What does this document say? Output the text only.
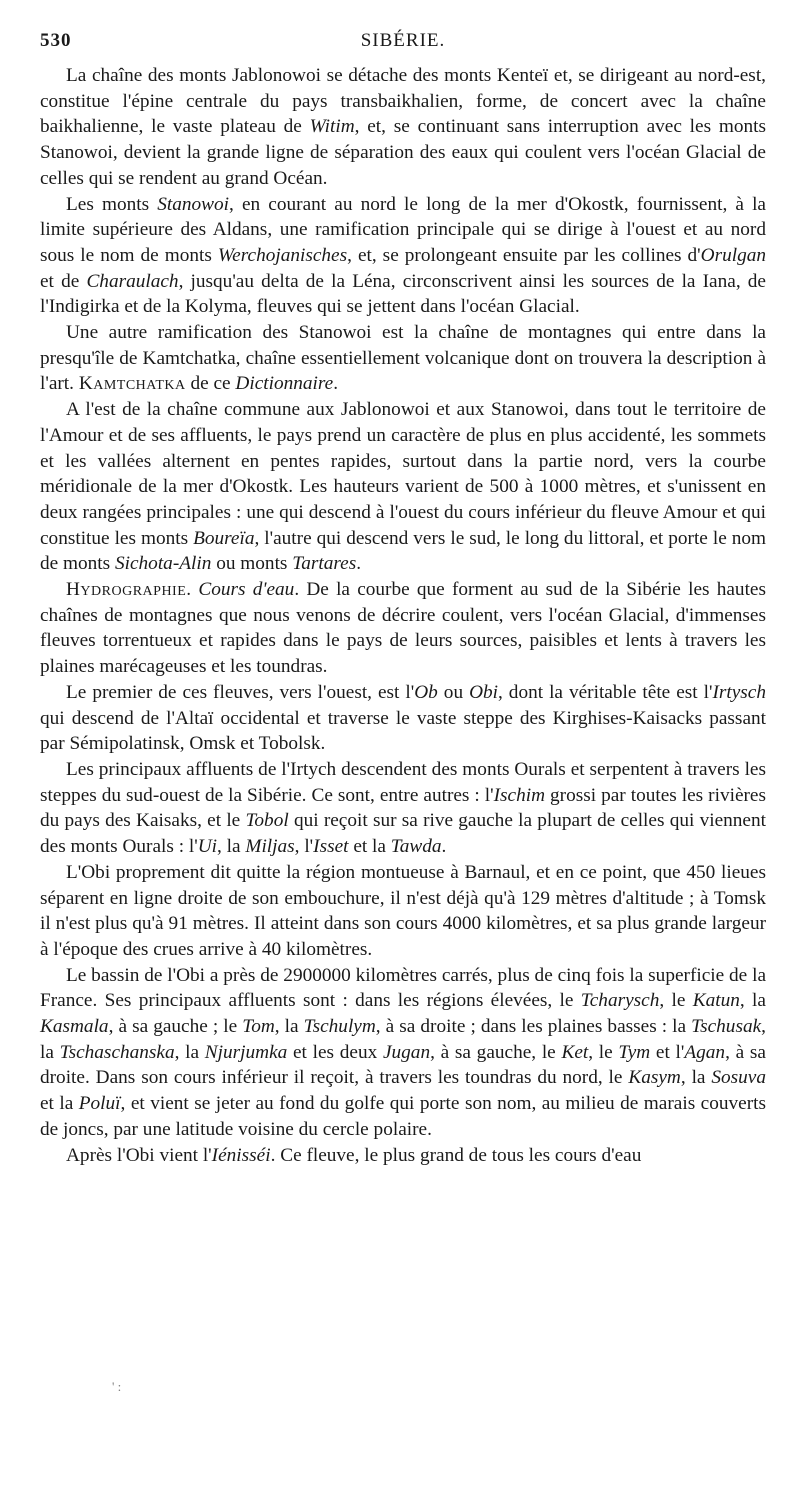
530	SIBÉRIE.

La chaîne des monts Jablonowoi se détache des monts Kenteï et, se dirigeant au nord-est, constitue l'épine centrale du pays transbaikhalien, forme, de concert avec la chaîne baikhalienne, le vaste plateau de Witim, et, se continuant sans interruption avec les monts Stanowoi, devient la grande ligne de séparation des eaux qui coulent vers l'océan Glacial de celles qui se rendent au grand Océan.

Les monts Stanowoi, en courant au nord le long de la mer d'Okostk, fournissent, à la limite supérieure des Aldans, une ramification principale qui se dirige à l'ouest et au nord sous le nom de monts Werchojanisches, et, se prolongeant ensuite par les collines d'Orulgan et de Charaulach, jusqu'au delta de la Léna, circonscrivent ainsi les sources de la Iana, de l'Indigirka et de la Kolyma, fleuves qui se jettent dans l'océan Glacial.

Une autre ramification des Stanowoi est la chaîne de montagnes qui entre dans la presqu'île de Kamtchatka, chaîne essentiellement volcanique dont on trouvera la description à l'art. Kamtchatka de ce Dictionnaire.

A l'est de la chaîne commune aux Jablonowoi et aux Stanowoi, dans tout le territoire de l'Amour et de ses affluents, le pays prend un caractère de plus en plus accidenté, les sommets et les vallées alternent en pentes rapides, surtout dans la partie nord, vers la courbe méridionale de la mer d'Okostk. Les hauteurs varient de 500 à 1000 mètres, et s'unissent en deux rangées principales : une qui descend à l'ouest du cours inférieur du fleuve Amour et qui constitue les monts Boureïa, l'autre qui descend vers le sud, le long du littoral, et porte le nom de monts Sichota-Alin ou monts Tartares.

Hydrographie. Cours d'eau. De la courbe que forment au sud de la Sibérie les hautes chaînes de montagnes que nous venons de décrire coulent, vers l'océan Glacial, d'immenses fleuves torrentueux et rapides dans le pays de leurs sources, paisibles et lents à travers les plaines marécageuses et les toundras.

Le premier de ces fleuves, vers l'ouest, est l'Ob ou Obi, dont la véritable tête est l'Irtysch qui descend de l'Altaï occidental et traverse le vaste steppe des Kirghises-Kaisacks passant par Sémipolatinsk, Omsk et Tobolsk.

Les principaux affluents de l'Irtych descendent des monts Ourals et serpentent à travers les steppes du sud-ouest de la Sibérie. Ce sont, entre autres : l'Ischim grossi par toutes les rivières du pays des Kaisaks, et le Tobol qui reçoit sur sa rive gauche la plupart de celles qui viennent des monts Ourals : l'Ui, la Miljas, l'Isset et la Tawda.

L'Obi proprement dit quitte la région montueuse à Barnaul, et en ce point, que 450 lieues séparent en ligne droite de son embouchure, il n'est déjà qu'à 129 mètres d'altitude ; à Tomsk il n'est plus qu'à 91 mètres. Il atteint dans son cours 4000 kilomètres, et sa plus grande largeur à l'époque des crues arrive à 40 kilomètres.

Le bassin de l'Obi a près de 2900000 kilomètres carrés, plus de cinq fois la superficie de la France. Ses principaux affluents sont : dans les régions élevées, le Tcharysch, le Katun, la Kasmala, à sa gauche ; le Tom, la Tschulym, à sa droite ; dans les plaines basses : la Tschusak, la Tschaschanska, la Njurjumka et les deux Jugan, à sa gauche, le Ket, le Tym et l'Agan, à sa droite. Dans son cours inférieur il reçoit, à travers les toundras du nord, le Kasym, la Sosuva et la Poluï, et vient se jeter au fond du golfe qui porte son nom, au milieu de marais couverts de joncs, par une latitude voisine du cercle polaire.

Après l'Obi vient l'Iénisséi. Ce fleuve, le plus grand de tous les cours d'eau

' :
